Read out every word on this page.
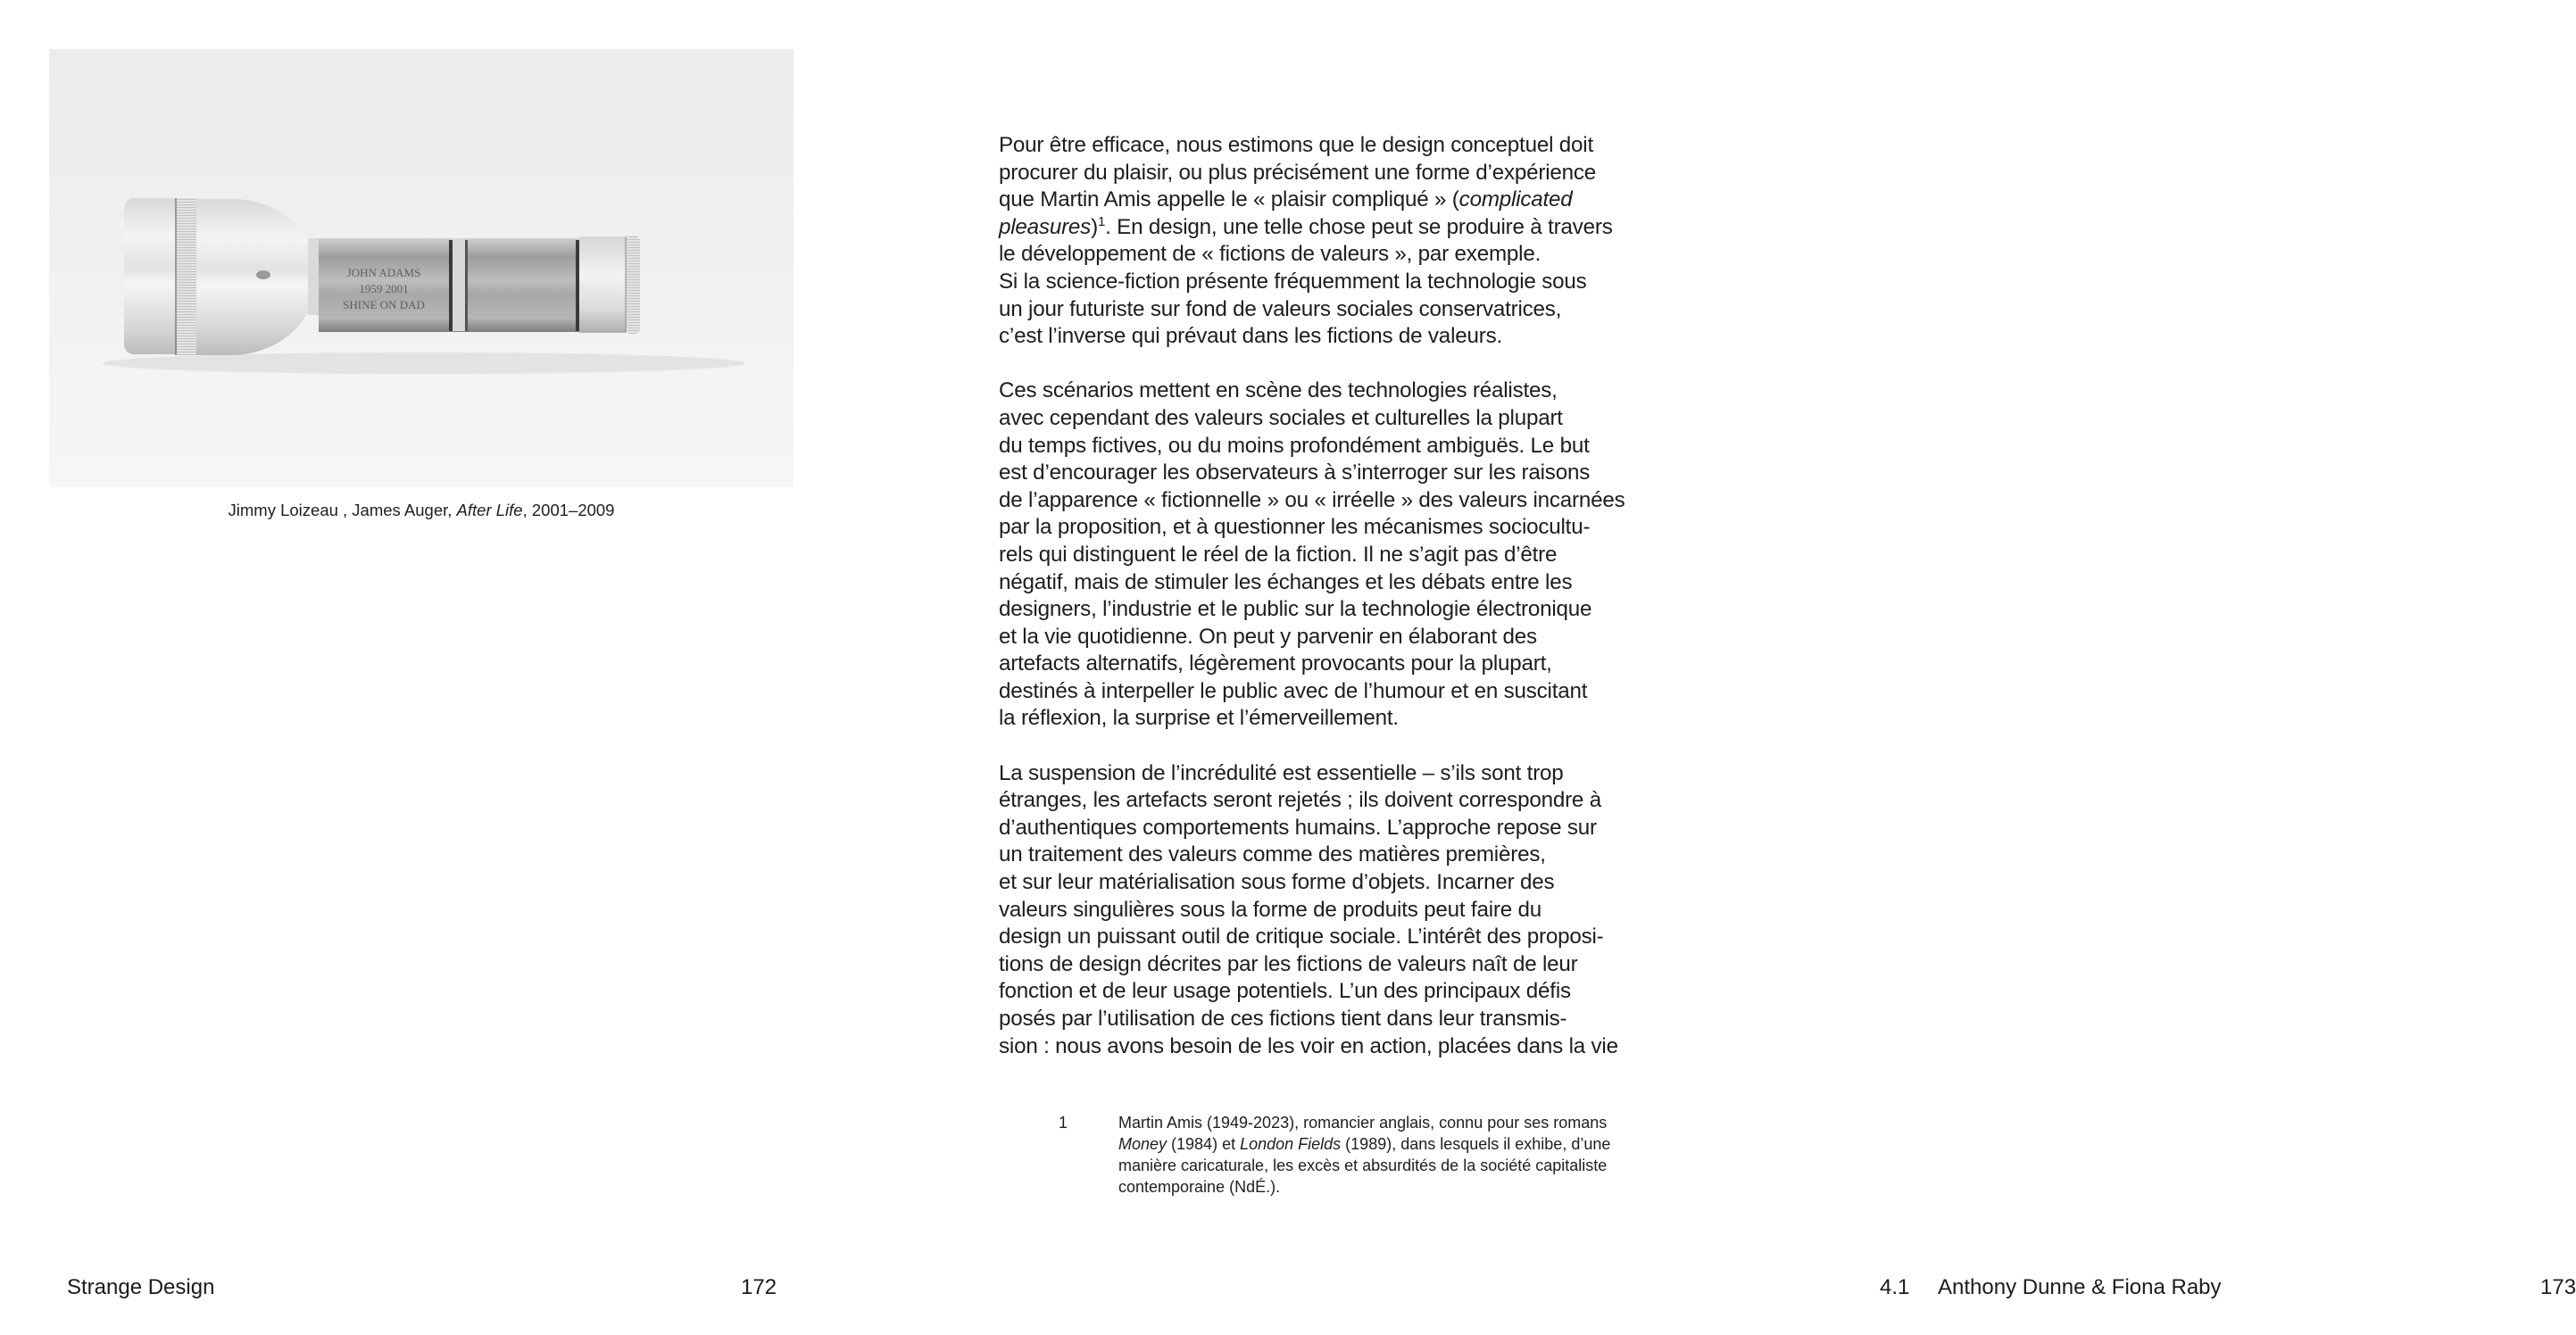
JOHN ADAMS
1959 2001
SHINE ON DAD
Jimmy Loizeau , James Auger, After Life, 2001–2009
Strange Design	172

Pour être efficace, nous estimons que le design conceptuel doit
procurer du plaisir, ou plus précisément une forme d’expérience
que Martin Amis appelle le « plaisir compliqué » (complicated
pleasures)$^1$. En design, une telle chose peut se produire à travers
le développement de « fictions de valeurs », par exemple.
Si la science-fiction présente fréquemment la technologie sous
un jour futuriste sur fond de valeurs sociales conservatrices,
c’est l’inverse qui prévaut dans les fictions de valeurs.

Ces scénarios mettent en scène des technologies réalistes,
avec cependant des valeurs sociales et culturelles la plupart
du temps fictives, ou du moins profondément ambiguës. Le but
est d’encourager les observateurs à s’interroger sur les raisons
de l’apparence « fictionnelle » ou « irréelle » des valeurs incarnées
par la proposition, et à questionner les mécanismes sociocultu-
rels qui distinguent le réel de la fiction. Il ne s’agit pas d’être
négatif, mais de stimuler les échanges et les débats entre les
designers, l’industrie et le public sur la technologie électronique
et la vie quotidienne. On peut y parvenir en élaborant des
artefacts alternatifs, légèrement provocants pour la plupart,
destinés à interpeller le public avec de l’humour et en suscitant
la réflexion, la surprise et l’émerveillement.

La suspension de l’incrédulité est essentielle – s’ils sont trop
étranges, les artefacts seront rejetés ; ils doivent correspondre à
d’authentiques comportements humains. L’approche repose sur
un traitement des valeurs comme des matières premières,
et sur leur matérialisation sous forme d’objets. Incarner des
valeurs singulières sous la forme de produits peut faire du
design un puissant outil de critique sociale. L’intérêt des proposi-
tions de design décrites par les fictions de valeurs naît de leur
fonction et de leur usage potentiels. L’un des principaux défis
posés par l’utilisation de ces fictions tient dans leur transmis-
sion : nous avons besoin de les voir en action, placées dans la vie

1	Martin Amis (1949-2023), romancier anglais, connu pour ses romans
Money (1984) et London Fields (1989), dans lesquels il exhibe, d’une
manière caricaturale, les excès et absurdités de la société capitaliste
contemporaine (NdÉ.).
4.1 Anthony Dunne & Fiona Raby	173
